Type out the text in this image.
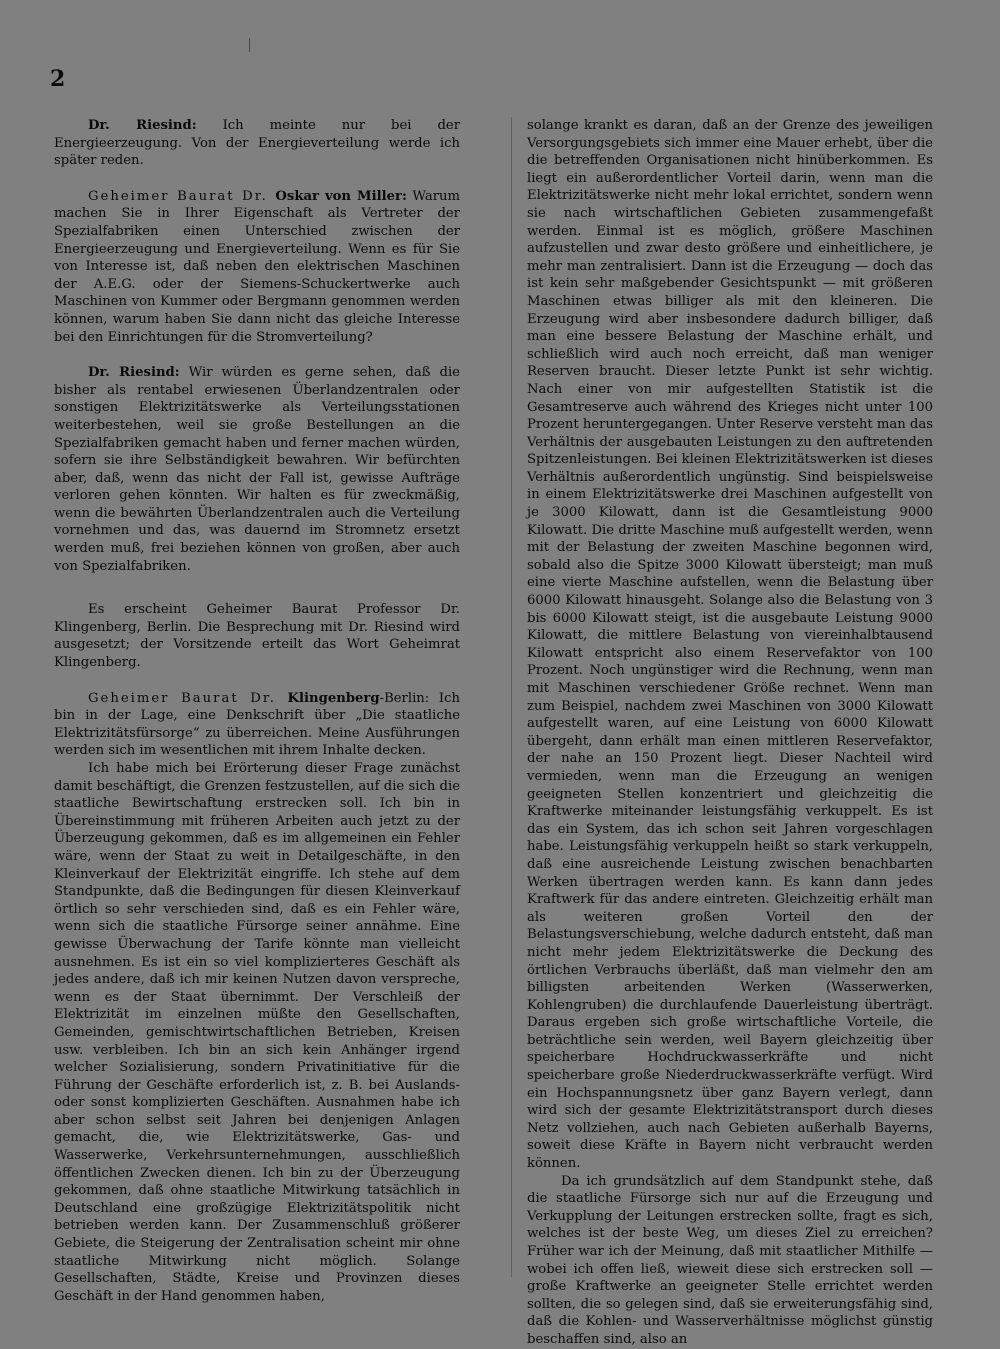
2

Dr. Riesind: Ich meinte nur bei der Energieerzeugung. Von der Energieverteilung werde ich später reden.

Geheimer Baurat Dr. Oskar von Miller: Warum machen Sie in Ihrer Eigenschaft als Vertreter der Spezialfabriken einen Unterschied zwischen der Energieerzeugung und Energieverteilung. Wenn es für Sie von Interesse ist, daß neben den elektrischen Maschinen der A.E.G. oder der Siemens-Schuckertwerke auch Maschinen von Kummer oder Bergmann genommen werden können, warum haben Sie dann nicht das gleiche Interesse bei den Einrichtungen für die Stromverteilung?

Dr. Riesind: Wir würden es gerne sehen, daß die bisher als rentabel erwiesenen Überlandzentralen oder sonstigen Elektrizitätswerke als Verteilungsstationen weiterbestehen, weil sie große Bestellungen an die Spezialfabriken gemacht haben und ferner machen würden, sofern sie ihre Selbständigkeit bewahren. Wir befürchten aber, daß, wenn das nicht der Fall ist, gewisse Aufträge verloren gehen könnten. Wir halten es für zweckmäßig, wenn die bewährten Überlandzentralen auch die Verteilung vornehmen und das, was dauernd im Stromnetz ersetzt werden muß, frei beziehen können von großen, aber auch von Spezialfabriken.

Es erscheint Geheimer Baurat Professor Dr. Klingenberg, Berlin. Die Besprechung mit Dr. Riesind wird ausgesetzt; der Vorsitzende erteilt das Wort Geheimrat Klingenberg.

Geheimer Baurat Dr. Klingenberg-Berlin: Ich bin in der Lage, eine Denkschrift über „Die staatliche Elektrizitätsfürsorge“ zu überreichen. Meine Ausführungen werden sich im wesentlichen mit ihrem Inhalte decken.

Ich habe mich bei Erörterung dieser Frage zunächst damit beschäftigt, die Grenzen festzustellen, auf die sich die staatliche Bewirtschaftung erstrecken soll. Ich bin in Übereinstimmung mit früheren Arbeiten auch jetzt zu der Überzeugung gekommen, daß es im allgemeinen ein Fehler wäre, wenn der Staat zu weit in Detailgeschäfte, in den Kleinverkauf der Elektrizität eingriffe. Ich stehe auf dem Standpunkte, daß die Bedingungen für diesen Kleinverkauf örtlich so sehr verschieden sind, daß es ein Fehler wäre, wenn sich die staatliche Fürsorge seiner annähme. Eine gewisse Überwachung der Tarife könnte man vielleicht ausnehmen. Es ist ein so viel komplizierteres Geschäft als jedes andere, daß ich mir keinen Nutzen davon verspreche, wenn es der Staat übernimmt. Der Verschleiß der Elektrizität im einzelnen müßte den Gesellschaften, Gemeinden, gemischtwirtschaftlichen Betrieben, Kreisen usw. verbleiben. Ich bin an sich kein Anhänger irgend welcher Sozialisierung, sondern Privatinitiative für die Führung der Geschäfte erforderlich ist, z. B. bei Auslands- oder sonst komplizierten Geschäften. Ausnahmen habe ich aber schon selbst seit Jahren bei denjenigen Anlagen gemacht, die, wie Elektrizitätswerke, Gas- und Wasserwerke, Verkehrsunternehmungen, ausschließlich öffentlichen Zwecken dienen. Ich bin zu der Überzeugung gekommen, daß ohne staatliche Mitwirkung tatsächlich in Deutschland eine großzügige Elektrizitätspolitik nicht betrieben werden kann. Der Zusammenschluß größerer Gebiete, die Steigerung der Zentralisation scheint mir ohne staatliche Mitwirkung nicht möglich. Solange Gesellschaften, Städte, Kreise und Provinzen dieses Geschäft in der Hand genommen haben,

solange krankt es daran, daß an der Grenze des jeweiligen Versorgungsgebiets sich immer eine Mauer erhebt, über die die betreffenden Organisationen nicht hinüberkommen. Es liegt ein außerordentlicher Vorteil darin, wenn man die Elektrizitätswerke nicht mehr lokal errichtet, sondern wenn sie nach wirtschaftlichen Gebieten zusammengefaßt werden. Einmal ist es möglich, größere Maschinen aufzustellen und zwar desto größere und einheitlichere, je mehr man zentralisiert. Dann ist die Erzeugung — doch das ist kein sehr maßgebender Gesichtspunkt — mit größeren Maschinen etwas billiger als mit den kleineren. Die Erzeugung wird aber insbesondere dadurch billiger, daß man eine bessere Belastung der Maschine erhält, und schließlich wird auch noch erreicht, daß man weniger Reserven braucht. Dieser letzte Punkt ist sehr wichtig. Nach einer von mir aufgestellten Statistik ist die Gesamtreserve auch während des Krieges nicht unter 100 Prozent heruntergegangen. Unter Reserve versteht man das Verhältnis der ausgebauten Leistungen zu den auftretenden Spitzenleistungen. Bei kleinen Elektrizitätswerken ist dieses Verhältnis außerordentlich ungünstig. Sind beispielsweise in einem Elektrizitätswerke drei Maschinen aufgestellt von je 3000 Kilowatt, dann ist die Gesamtleistung 9000 Kilowatt. Die dritte Maschine muß aufgestellt werden, wenn mit der Belastung der zweiten Maschine begonnen wird, sobald also die Spitze 3000 Kilowatt übersteigt; man muß eine vierte Maschine aufstellen, wenn die Belastung über 6000 Kilowatt hinausgeht. Solange also die Belastung von 3 bis 6000 Kilowatt steigt, ist die ausgebaute Leistung 9000 Kilowatt, die mittlere Belastung von viereinhalbtausend Kilowatt entspricht also einem Reservefaktor von 100 Prozent. Noch ungünstiger wird die Rechnung, wenn man mit Maschinen verschiedener Größe rechnet. Wenn man zum Beispiel, nachdem zwei Maschinen von 3000 Kilowatt aufgestellt waren, auf eine Leistung von 6000 Kilowatt übergeht, dann erhält man einen mittleren Reservefaktor, der nahe an 150 Prozent liegt. Dieser Nachteil wird vermieden, wenn man die Erzeugung an wenigen geeigneten Stellen konzentriert und gleichzeitig die Kraftwerke miteinander leistungsfähig verkuppelt. Es ist das ein System, das ich schon seit Jahren vorgeschlagen habe. Leistungsfähig verkuppeln heißt so stark verkuppeln, daß eine ausreichende Leistung zwischen benachbarten Werken übertragen werden kann. Es kann dann jedes Kraftwerk für das andere eintreten. Gleichzeitig erhält man als weiteren großen Vorteil den der Belastungsverschiebung, welche dadurch entsteht, daß man nicht mehr jedem Elektrizitätswerke die Deckung des örtlichen Verbrauchs überläßt, daß man vielmehr den am billigsten arbeitenden Werken (Wasserwerken, Kohlengruben) die durchlaufende Dauerleistung überträgt. Daraus ergeben sich große wirtschaftliche Vorteile, die beträchtliche sein werden, weil Bayern gleichzeitig über speicherbare Hochdruckwasserkräfte und nicht speicherbare große Niederdruckwasserkräfte verfügt. Wird ein Hochspannungsnetz über ganz Bayern verlegt, dann wird sich der gesamte Elektrizitätstransport durch dieses Netz vollziehen, auch nach Gebieten außerhalb Bayerns, soweit diese Kräfte in Bayern nicht verbraucht werden können.

Da ich grundsätzlich auf dem Standpunkt stehe, daß die staatliche Fürsorge sich nur auf die Erzeugung und Verkupplung der Leitungen erstrecken sollte, fragt es sich, welches ist der beste Weg, um dieses Ziel zu erreichen? Früher war ich der Meinung, daß mit staatlicher Mithilfe — wobei ich offen ließ, wieweit diese sich erstrecken soll — große Kraftwerke an geeigneter Stelle errichtet werden sollten, die so gelegen sind, daß sie erweiterungsfähig sind, daß die Kohlen- und Wasserverhältnisse möglichst günstig beschaffen sind, also an
